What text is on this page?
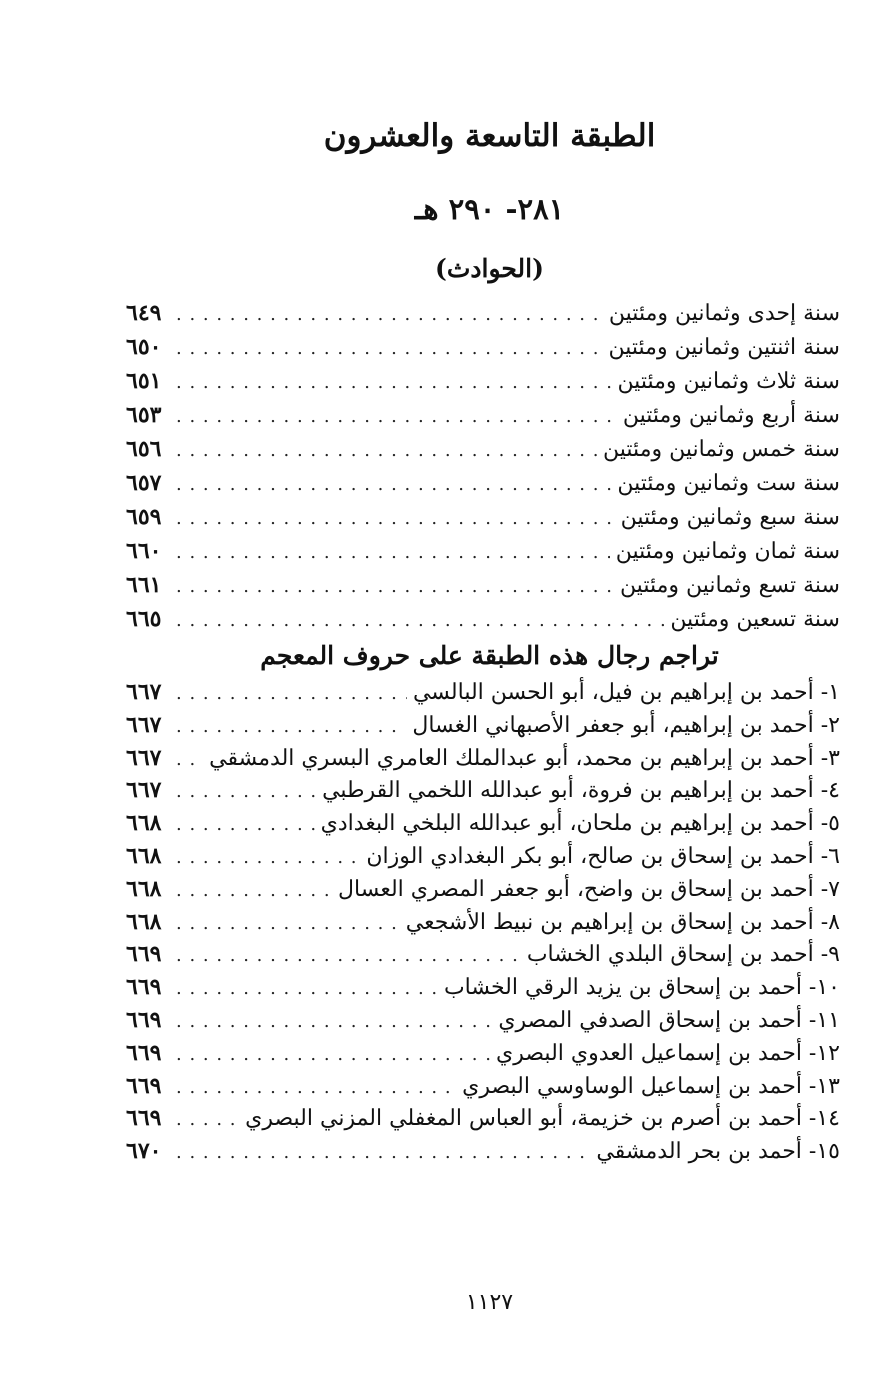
الطبقة التاسعة والعشرون
٢٨١- ٢٩٠ هـ
(الحوادث)
سنة إحدى وثمانين ومئتين
. . .
٦٤٩
سنة اثنتين وثمانين ومئتين
. . .
٦٥٠
سنة ثلاث وثمانين ومئتين
. . .
٦٥١
سنة أربع وثمانين ومئتين
. . .
٦٥٣
سنة خمس وثمانين ومئتين
. . .
٦٥٦
سنة ست وثمانين ومئتين
. . .
٦٥٧
سنة سبع وثمانين ومئتين
. . .
٦٥٩
سنة ثمان وثمانين ومئتين
. . .
٦٦٠
سنة تسع وثمانين ومئتين
. . .
٦٦١
سنة تسعين ومئتين
. . .
٦٦٥
تراجم رجال هذه الطبقة على حروف المعجم
١- أحمد بن إبراهيم بن فيل، أبو الحسن البالسي
. . .
٦٦٧
٢- أحمد بن إبراهيم، أبو جعفر الأصبهاني الغسال
. . .
٦٦٧
٣- أحمد بن إبراهيم بن محمد، أبو عبدالملك العامري البسري الدمشقي
. . .
٦٦٧
٤- أحمد بن إبراهيم بن فروة، أبو عبدالله اللخمي القرطبي
. . .
٦٦٧
٥- أحمد بن إبراهيم بن ملحان، أبو عبدالله البلخي البغدادي
. . .
٦٦٨
٦- أحمد بن إسحاق بن صالح، أبو بكر البغدادي الوزان
. . .
٦٦٨
٧- أحمد بن إسحاق بن واضح، أبو جعفر المصري العسال
. . .
٦٦٨
٨- أحمد بن إسحاق بن إبراهيم بن نبيط الأشجعي
. . .
٦٦٨
٩- أحمد بن إسحاق البلدي الخشاب
. . .
٦٦٩
١٠- أحمد بن إسحاق بن يزيد الرقي الخشاب
. . .
٦٦٩
١١- أحمد بن إسحاق الصدفي المصري
. . .
٦٦٩
١٢- أحمد بن إسماعيل العدوي البصري
. . .
٦٦٩
١٣- أحمد بن إسماعيل الوساوسي البصري
. . .
٦٦٩
١٤- أحمد بن أصرم بن خزيمة، أبو العباس المغفلي المزني البصري
. . .
٦٦٩
١٥- أحمد بن بحر الدمشقي
. . .
٦٧٠
١١٢٧
